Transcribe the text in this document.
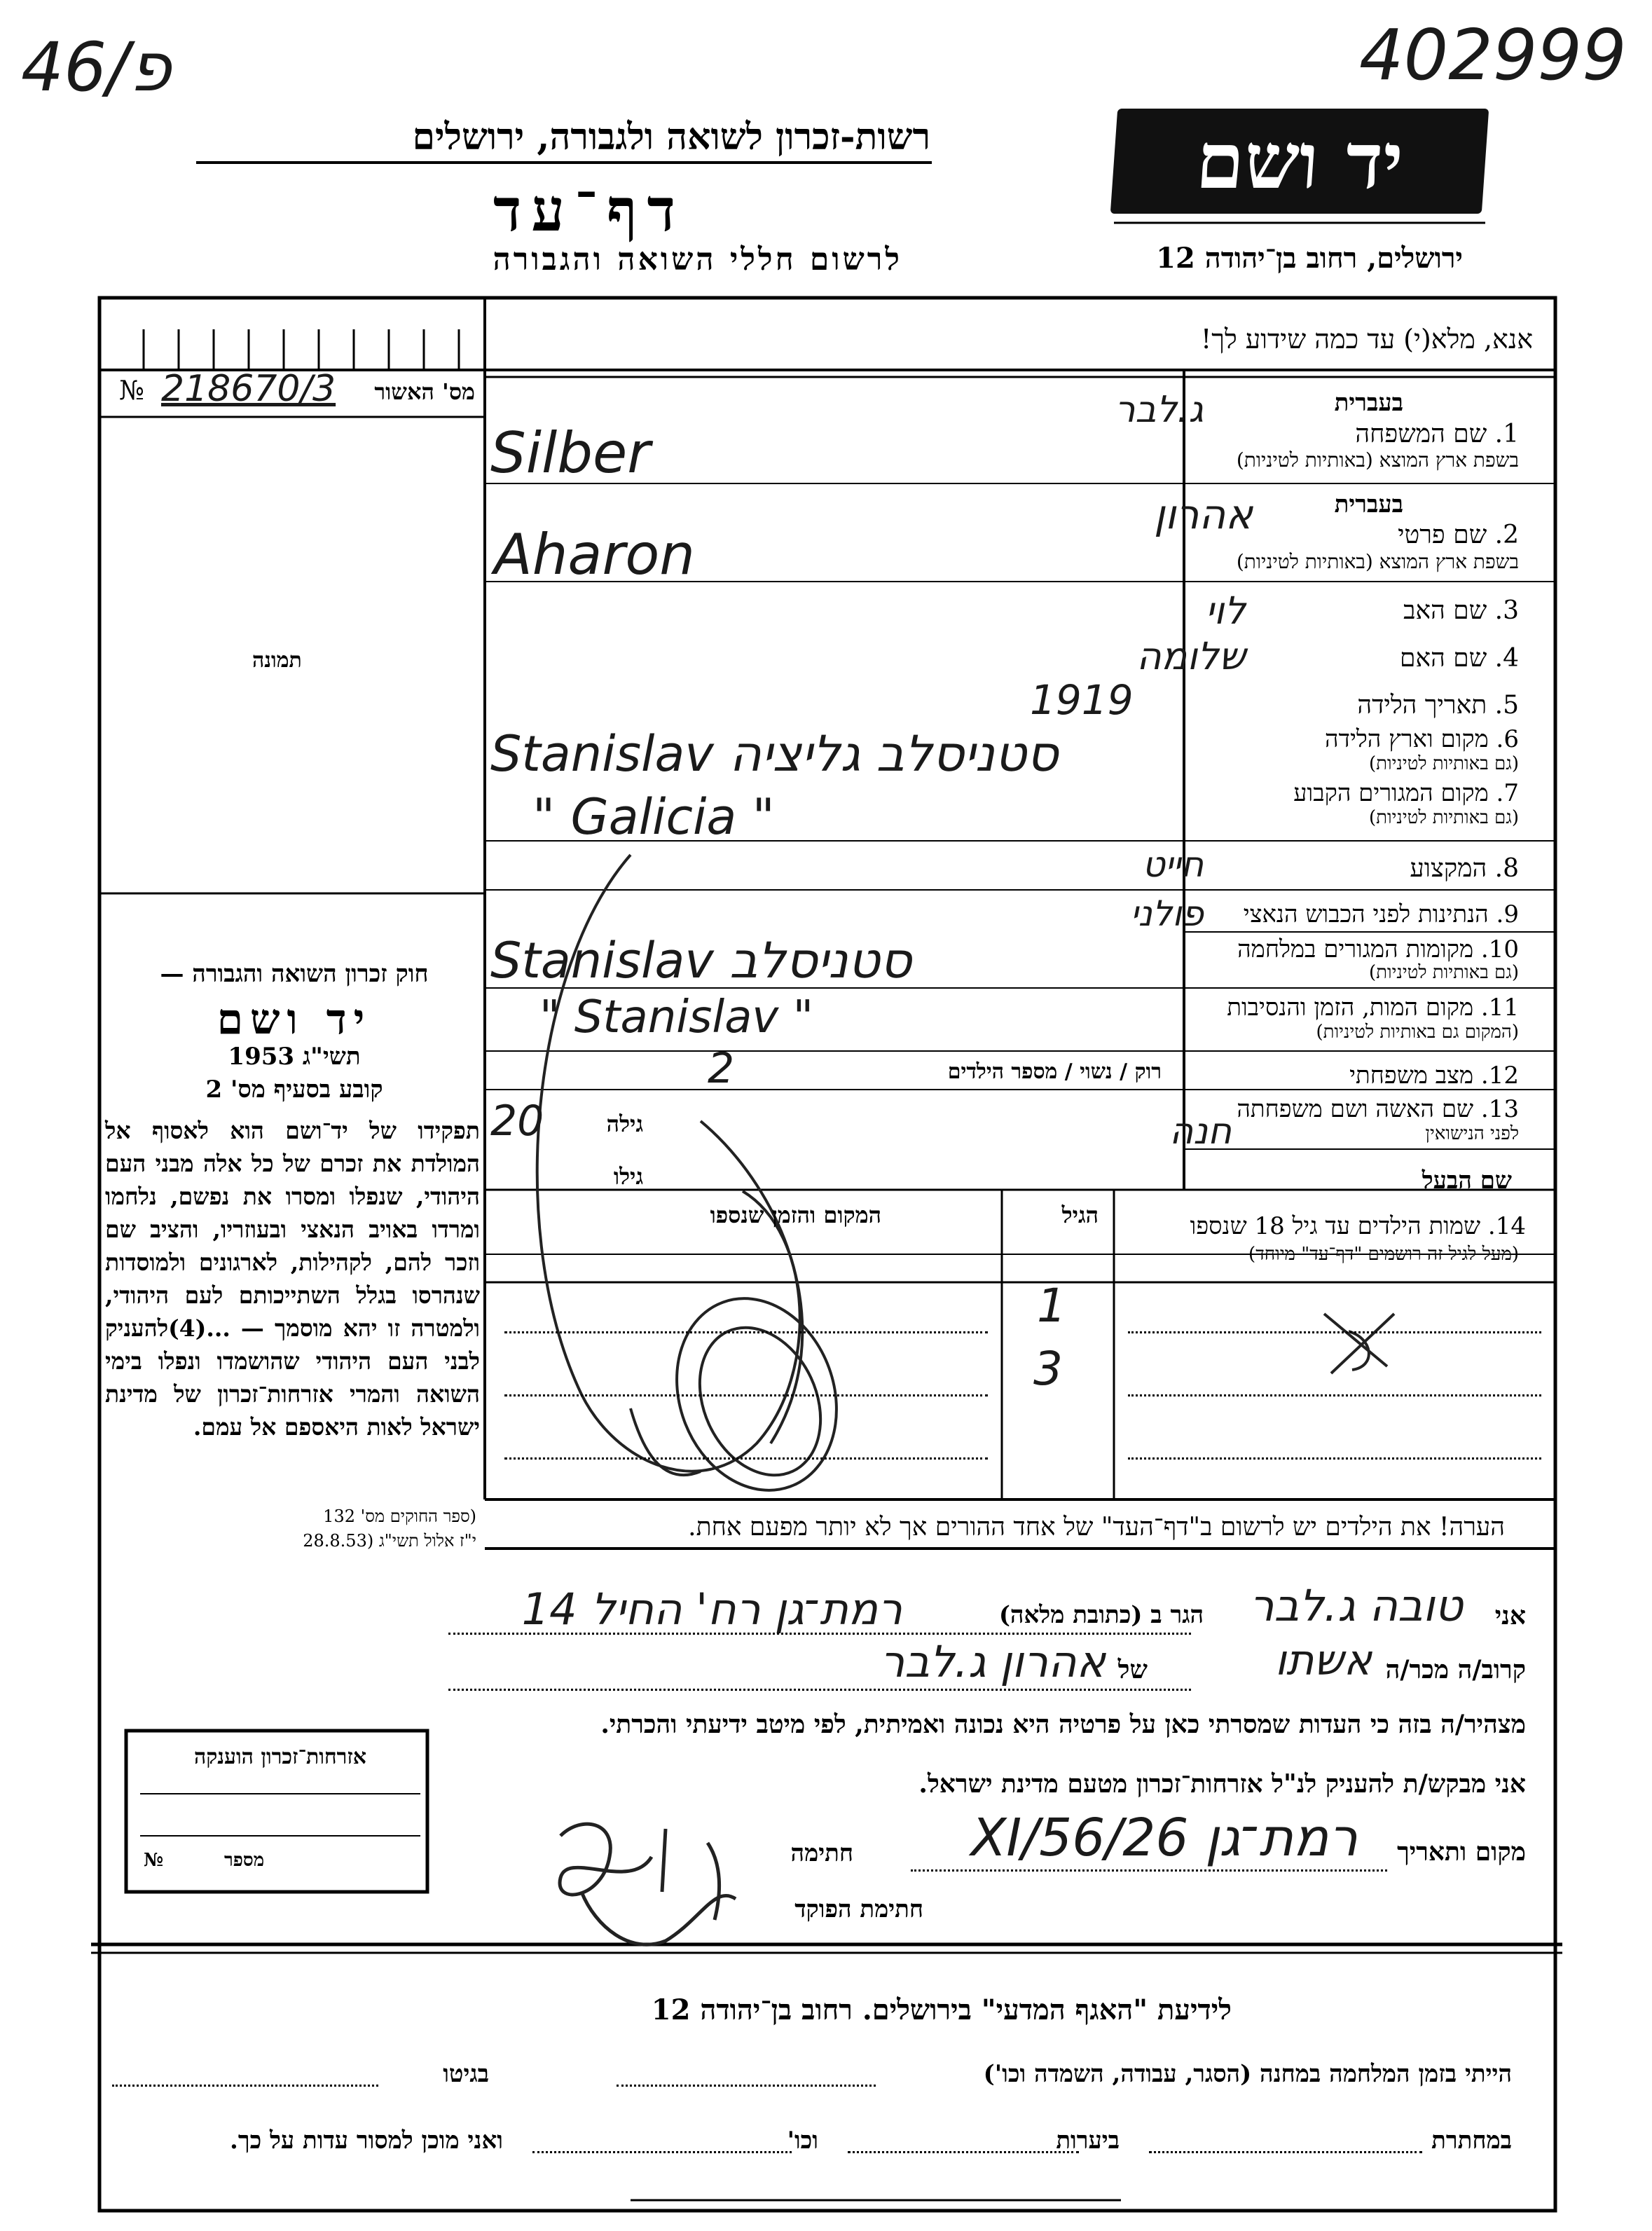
46/פ	402999
רשות-זכרון לשואה ולגבורה, ירושלים
דף־עד
לרשום חללי השואה והגבורה
יד ושם
ירושלים, רחוב בן־יהודה 12
אנא, מלא(י) עד כמה שידוע לך!
№ 218670/3 מס' האשור
תמונה
בעברית
1. שם המשפחה
בשפת ארץ המוצא (באותיות לטיניות)
בעברית
2. שם פרטי
בשפת ארץ המוצא (באותיות לטיניות)
3. שם האב
4. שם האם
5. תאריך הלידה
6. מקום וארץ הלידה
(גם באותיות לטיניות)
7. מקום המגורים הקבוע
(גם באותיות לטיניות)
8. המקצוע
9. הנתינות לפני הכבוש הנאצי
10. מקומות המגורים במלחמה
(גם באותיות לטיניות)
11. מקום המות, הזמן והנסיבות
(המקום גם באותיות לטיניות)
12. מצב משפחתי
13. שם האשה ושם משפחתה
לפני הנישואין
שם הבעל
ג.לבר
Silber
אהרון
Aharon
לוי
שלומה
1919
Stanislav סטניסלב גליציה
" Galicia "
חייט
פולני
Stanislav סטניסלב
" Stanislav "
רוק / נשוי / מספר הילדים
2
חנה
גילה
20
גילו
14. שמות הילדים עד גיל 18 שנספו
(מעל לגיל זה רושמים "דף־עד" מיוחד)
הגיל
המקום והזמן שנספו
1
3
חוק זכרון השואה והגבורה —
יד ושם
תשי"ג 1953
קובע בסעיף מס' 2
תפקידו של יד־ושם הוא לאסוף אל המולדת את זכרם של כל אלה מבני העם היהודי, שנפלו ומסרו את נפשם, נלחמו ומרדו באויב הנאצי ובעוזריו, והציב שם וזכר להם, לקהילות, לארגונים ולמוסדות שנהרסו בגלל השתייכותם לעם היהודי, ולמטרה זו יהא מוסמך — ...(4)להעניק לבני העם היהודי שהושמדו ונפלו בימי השואה והמרי אזרחות־זכרון של מדינת ישראל לאות היאספם אל עמם.
(ספר החוקים מס' 132
י"ז אלול תשי"ג (28.8.53	הערה! את הילדים יש לרשום ב"דף־העד" של אחד ההורים אך לא יותר מפעם אחת.
אני
טובה ג.לבר
הגר ב (כתובת מלאה)
רמת־גן רח' החיל 14
קרוב/ה מכר/ה
אשתו
של
אהרון ג.לבר
מצהיר/ה בזה כי העדות שמסרתי כאן על פרטיה היא נכונה ואמיתית, לפי מיטב ידיעתי והכרתי.
אני מבקש/ת להעניק לנ"ל אזרחות־זכרון מטעם מדינת ישראל.
מקום ותאריך
רמת־גן 26/XI/56
חתימה
חתימת הפוקד
אזרחות־זכרון הוענקה
מספר
№
לידיעת "האגף המדעי" בירושלים. רחוב בן־יהודה 12
הייתי בזמן המלחמה במחנה (הסגר, עבודה, השמדה וכו')
בגיטו
במחתרת
ביערות
וכו'
ואני מוכן למסור עדות על כך.
